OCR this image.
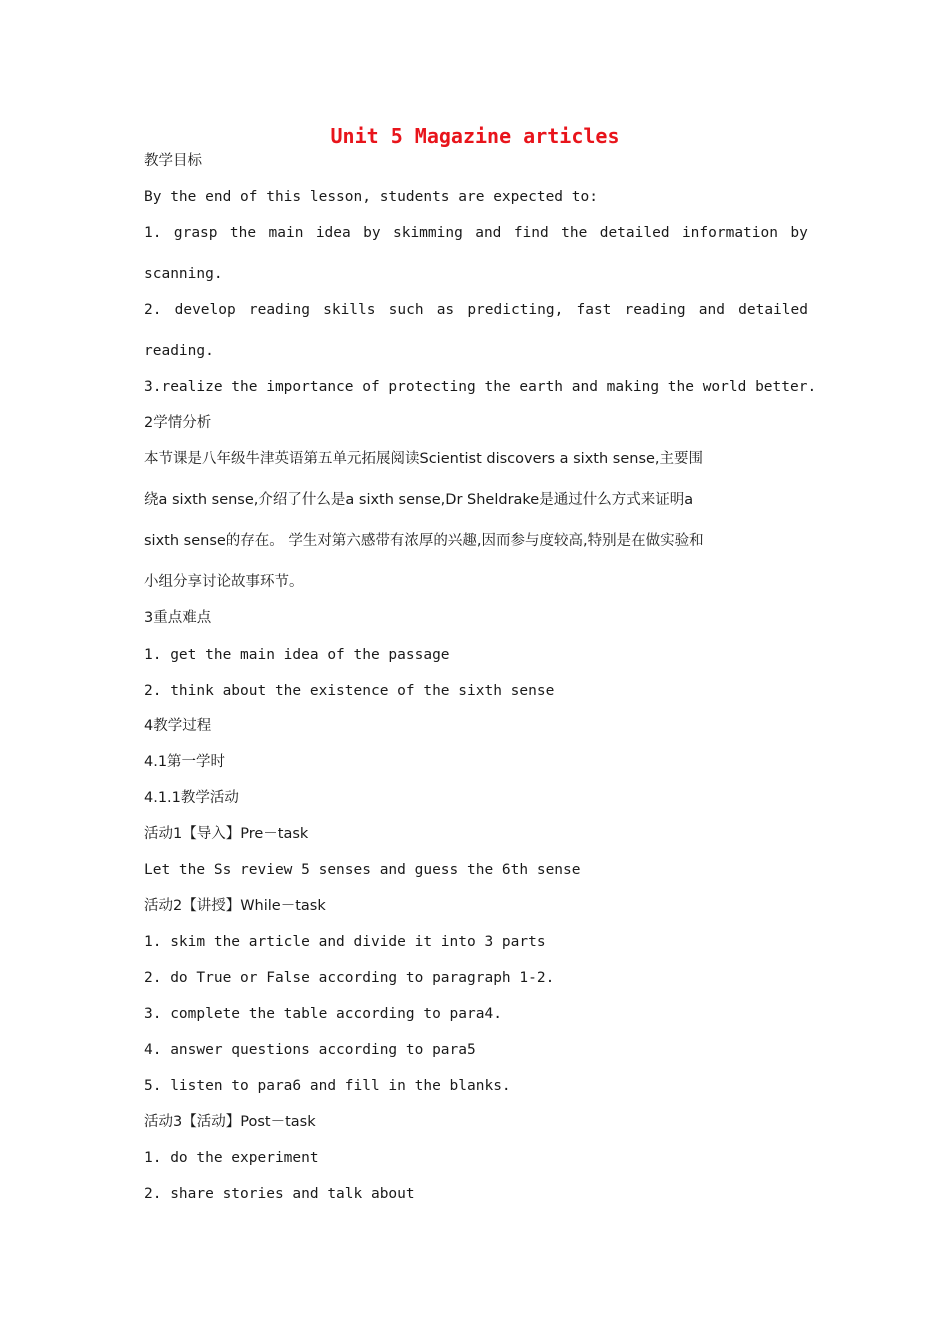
Unit 5 Magazine articles

教学目标

By the end of this lesson, students are expected to:

1. grasp the main idea by skimming and find the detailed information by

scanning.

2. develop reading skills such as predicting, fast reading and detailed

reading.

3.realize the importance of protecting the earth and making the world better.

2学情分析

本节课是八年级牛津英语第五单元拓展阅读Scientist discovers a sixth sense,主要围

绕a sixth sense,介绍了什么是a sixth sense,Dr Sheldrake是通过什么方式来证明a

sixth sense的存在。 学生对第六感带有浓厚的兴趣,因而参与度较高,特别是在做实验和

小组分享讨论故事环节。

3重点难点

1. get the main idea of the passage

2. think about the existence of the sixth sense

4教学过程

4.1第一学时

4.1.1教学活动

活动1【导入】Pre－task

Let the Ss review 5 senses and guess the 6th sense

活动2【讲授】While－task

1. skim the article and divide it into 3 parts

2. do True or False according to paragraph 1-2.

3. complete the table according to para4.

4. answer questions according to para5

5. listen to para6 and fill in the blanks.

活动3【活动】Post－task

1. do the experiment

2. share stories and talk about
